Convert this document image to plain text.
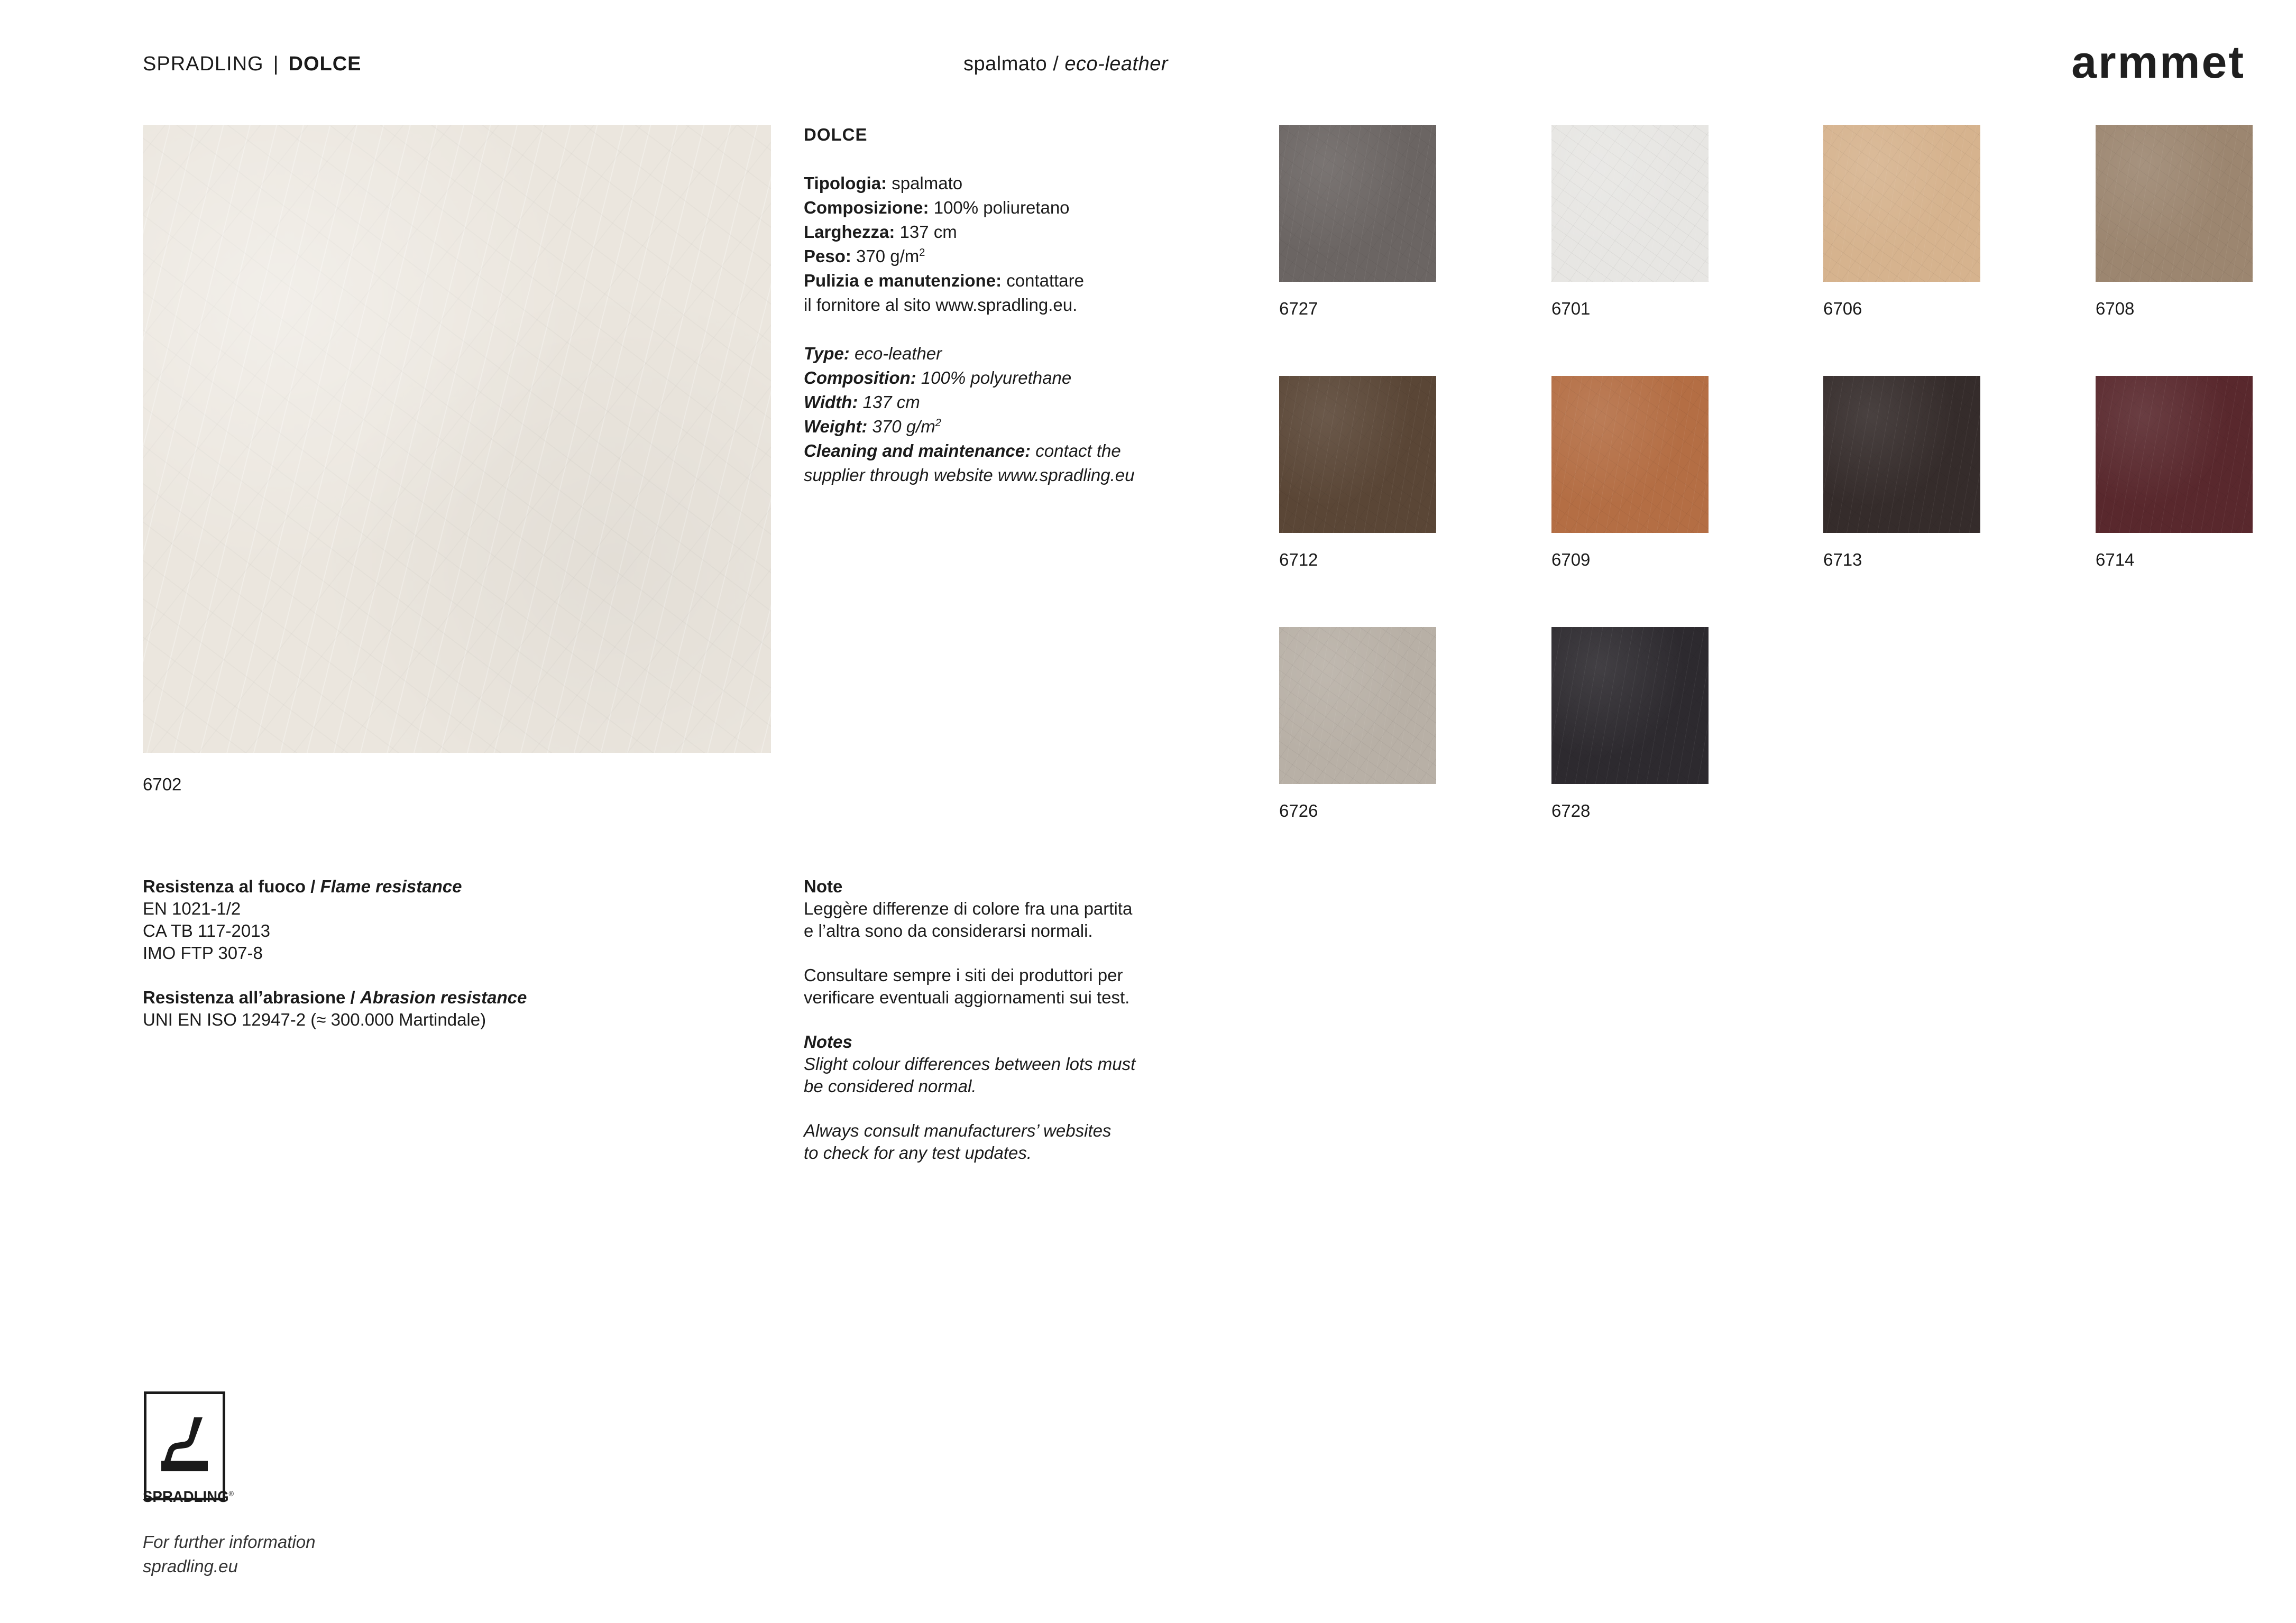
SPRADLING | DOLCE	spalmato / eco-leather	armmet
6702
DOLCE
Tipologia: spalmato
Composizione: 100% poliuretano
Larghezza: 137 cm
Peso: 370 $g/m^2$
Pulizia e manutenzione: contattare
il fornitore al sito www.spradling.eu.
Type: eco-leather
Composition: 100% polyurethane
Width: 137 cm
Weight: 370 $g/m^2$
Cleaning and maintenance: contact the
supplier through website www.spradling.eu
6727	6701	6706	6708
6712	6709	6713	6714
6726	6728
Resistenza al fuoco / Flame resistance
EN 1021-1/2
CA TB 117-2013
IMO FTP 307-8
Resistenza all’abrasione / Abrasion resistance
UNI EN ISO 12947-2 (≈ 300.000 Martindale)
Note
Leggère differenze di colore fra una partita
e l’altra sono da considerarsi normali.
Consultare sempre i siti dei produttori per
verificare eventuali aggiornamenti sui test.
Notes
Slight colour differences between lots must
be considered normal.
Always consult manufacturers’ websites
to check for any test updates.
SPRADLING®
For further information
spradling.eu
